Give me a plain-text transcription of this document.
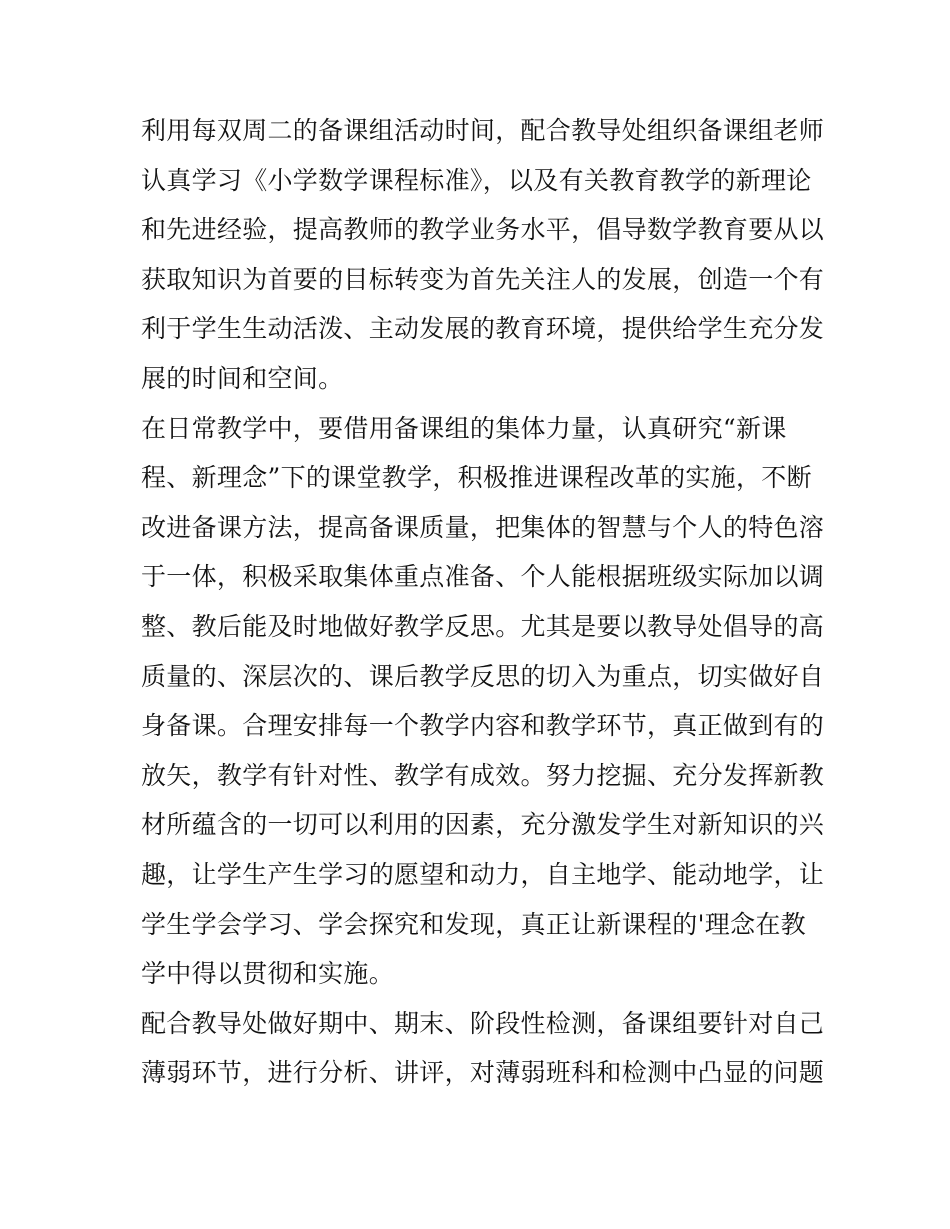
利用每双周二的备课组活动时间，配合教导处组织备课组老师
认真学习《小学数学课程标准》，以及有关教育教学的新理论
和先进经验，提高教师的教学业务水平，倡导数学教育要从以
获取知识为首要的目标转变为首先关注人的发展，创造一个有
利于学生生动活泼、主动发展的教育环境，提供给学生充分发
展的时间和空间。
在日常教学中，要借用备课组的集体力量，认真研究“新课
程、新理念”下的课堂教学，积极推进课程改革的实施，不断
改进备课方法，提高备课质量，把集体的智慧与个人的特色溶
于一体，积极采取集体重点准备、个人能根据班级实际加以调
整、教后能及时地做好教学反思。尤其是要以教导处倡导的高
质量的、深层次的、课后教学反思的切入为重点，切实做好自
身备课。合理安排每一个教学内容和教学环节，真正做到有的
放矢，教学有针对性、教学有成效。努力挖掘、充分发挥新教
材所蕴含的一切可以利用的因素，充分激发学生对新知识的兴
趣，让学生产生学习的愿望和动力，自主地学、能动地学，让
学生学会学习、学会探究和发现，真正让新课程的'理念在教
学中得以贯彻和实施。
配合教导处做好期中、期末、阶段性检测，备课组要针对自己
薄弱环节，进行分析、讲评，对薄弱班科和检测中凸显的问题
